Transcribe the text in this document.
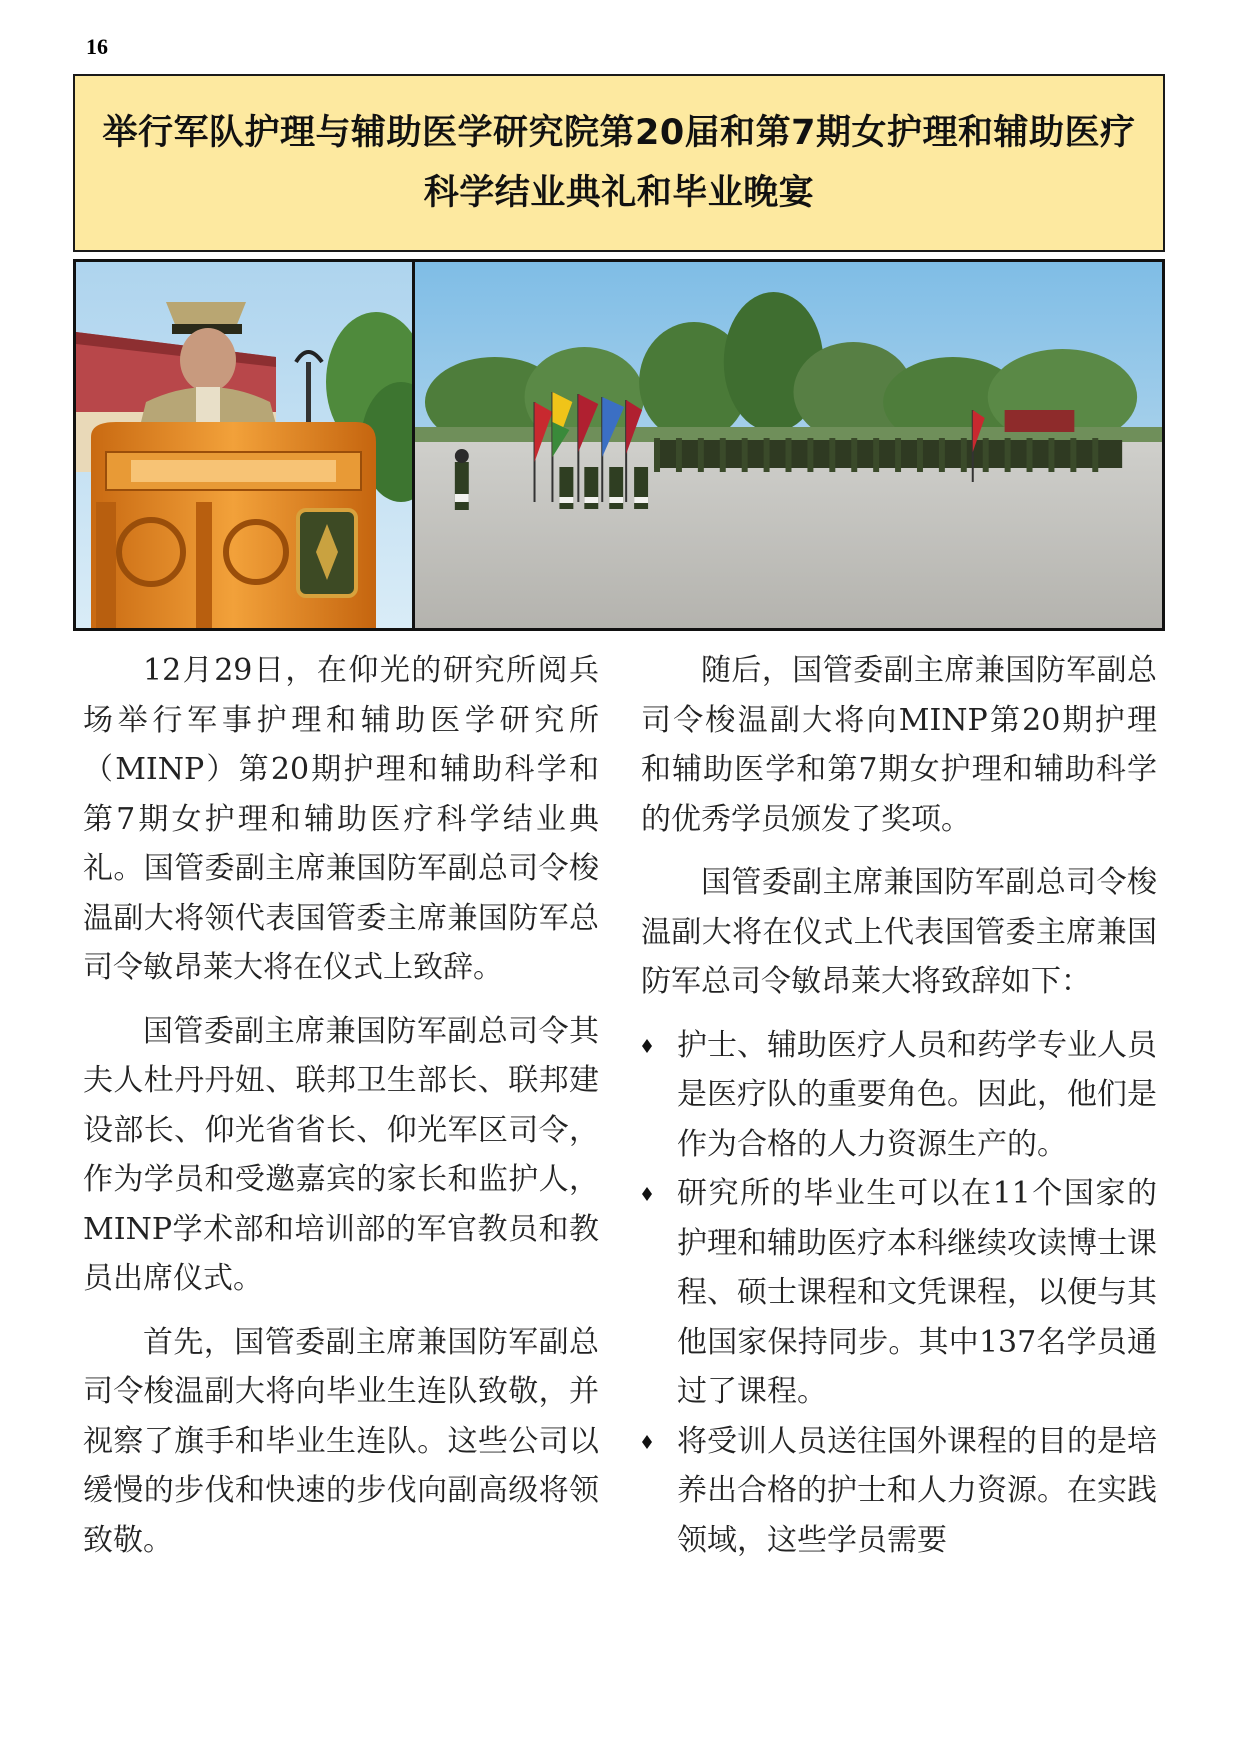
16
举行军队护理与辅助医学研究院第20届和第7期女护理和辅助医疗
科学结业典礼和毕业晚宴

12月29日，在仰光的研究所阅兵场举行军事护理和辅助医学研究所（MINP）第20期护理和辅助科学和第7期女护理和辅助医疗科学结业典礼。国管委副主席兼国防军副总司令梭温副大将领代表国管委主席兼国防军总司令敏昂莱大将在仪式上致辞。

国管委副主席兼国防军副总司令其夫人杜丹丹妞、联邦卫生部长、联邦建设部长、仰光省省长、仰光军区司令，作为学员和受邀嘉宾的家长和监护人，MINP学术部和培训部的军官教员和教员出席仪式。

首先，国管委副主席兼国防军副总司令梭温副大将向毕业生连队致敬，并视察了旗手和毕业生连队。这些公司以缓慢的步伐和快速的步伐向副高级将领致敬。

随后，国管委副主席兼国防军副总司令梭温副大将向MINP第20期护理和辅助医学和第7期女护理和辅助科学的优秀学员颁发了奖项。

国管委副主席兼国防军副总司令梭温副大将在仪式上代表国管委主席兼国防军总司令敏昂莱大将致辞如下：

护士、辅助医疗人员和药学专业人员是医疗队的重要角色。因此，他们是作为合格的人力资源生产的。
研究所的毕业生可以在11个国家的护理和辅助医疗本科继续攻读博士课程、硕士课程和文凭课程，以便与其他国家保持同步。其中137名学员通过了课程。
将受训人员送往国外课程的目的是培养出合格的护士和人力资源。在实践领域，这些学员需要
